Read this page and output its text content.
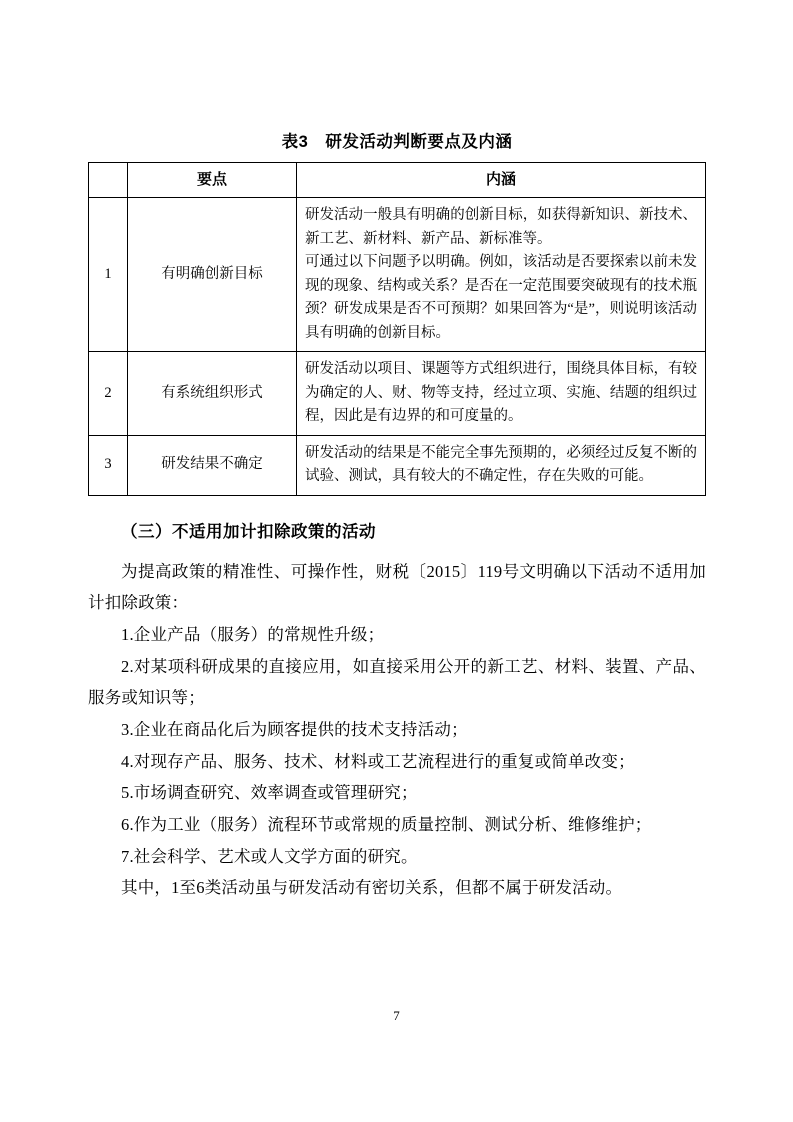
表3　研发活动判断要点及内涵
	要点	内涵
1	有明确创新目标	研发活动一般具有明确的创新目标，如获得新知识、新技术、新工艺、新材料、新产品、新标准等。

可通过以下问题予以明确。例如，该活动是否要探索以前未发现的现象、结构或关系？是否在一定范围要突破现有的技术瓶颈？研发成果是否不可预期？如果回答为“是”，则说明该活动具有明确的创新目标。

2	有系统组织形式	研发活动以项目、课题等方式组织进行，围绕具体目标，有较为确定的人、财、物等支持，经过立项、实施、结题的组织过程，因此是有边界的和可度量的。

3	研发结果不确定	研发活动的结果是不能完全事先预期的，必须经过反复不断的试验、测试，具有较大的不确定性，存在失败的可能。

（三）不适用加计扣除政策的活动

为提高政策的精准性、可操作性，财税〔2015〕119号文明确以下活动不适用加计扣除政策：

1.企业产品（服务）的常规性升级；

2.对某项科研成果的直接应用，如直接采用公开的新工艺、材料、装置、产品、服务或知识等；

3.企业在商品化后为顾客提供的技术支持活动；

4.对现存产品、服务、技术、材料或工艺流程进行的重复或简单改变；

5.市场调查研究、效率调查或管理研究；

6.作为工业（服务）流程环节或常规的质量控制、测试分析、维修维护；

7.社会科学、艺术或人文学方面的研究。

其中，1至6类活动虽与研发活动有密切关系，但都不属于研发活动。

7
